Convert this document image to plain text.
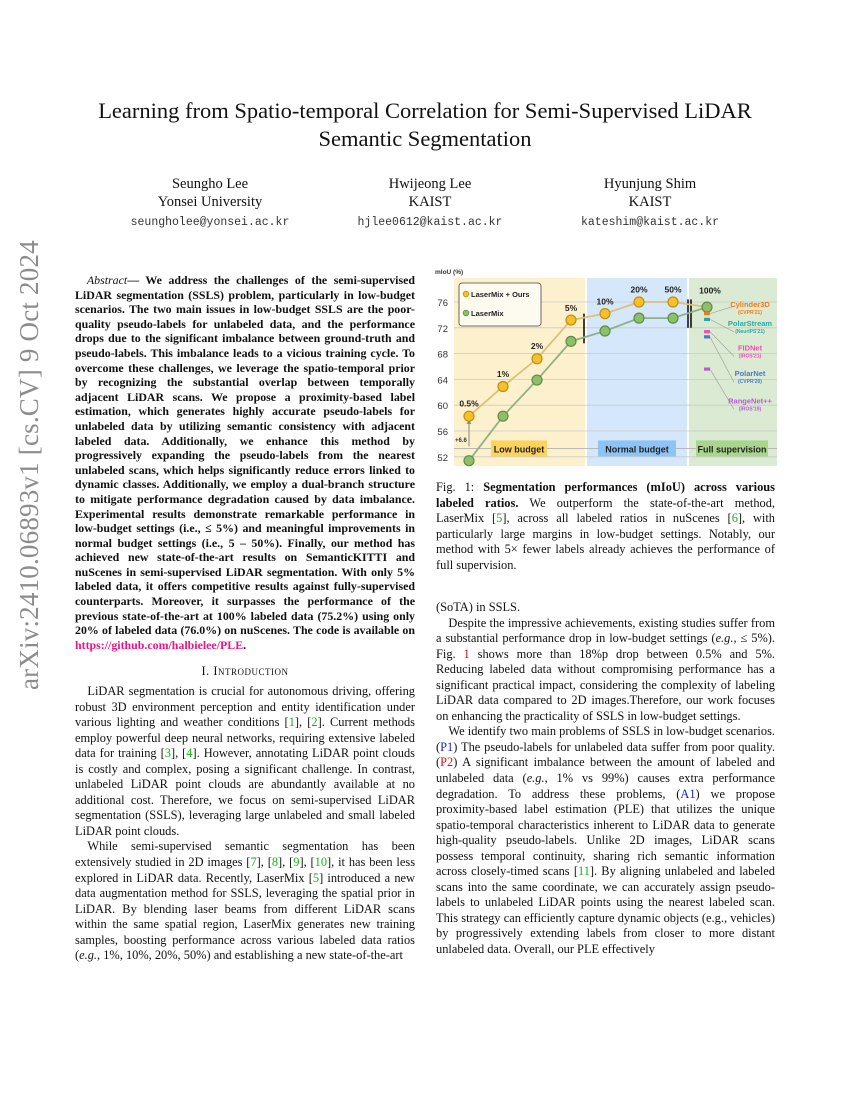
arXiv:2410.06893v1 [cs.CV] 9 Oct 2024
Learning from Spatio-temporal Correlation for Semi-Supervised LiDAR Semantic Segmentation
Seungho Lee
Yonsei University
seungholee@yonsei.ac.kr
Hwijeong Lee
KAIST
hjlee0612@kaist.ac.kr
Hyunjung Shim
KAIST
kateshim@kaist.ac.kr

Abstract— We address the challenges of the semi-supervised LiDAR segmentation (SSLS) problem, particularly in low-budget scenarios. The two main issues in low-budget SSLS are the poor-quality pseudo-labels for unlabeled data, and the performance drops due to the significant imbalance between ground-truth and pseudo-labels. This imbalance leads to a vicious training cycle. To overcome these challenges, we leverage the spatio-temporal prior by recognizing the substantial overlap between temporally adjacent LiDAR scans. We propose a proximity-based label estimation, which generates highly accurate pseudo-labels for unlabeled data by utilizing semantic consistency with adjacent labeled data. Additionally, we enhance this method by progressively expanding the pseudo-labels from the nearest unlabeled scans, which helps significantly reduce errors linked to dynamic classes. Additionally, we employ a dual-branch structure to mitigate performance degradation caused by data imbalance. Experimental results demonstrate remarkable performance in low-budget settings (i.e., ≤ 5%) and meaningful improvements in normal budget settings (i.e., 5 – 50%). Finally, our method has achieved new state-of-the-art results on SemanticKITTI and nuScenes in semi-supervised LiDAR segmentation. With only 5% labeled data, it offers competitive results against fully-supervised counterparts. Moreover, it surpasses the performance of the previous state-of-the-art at 100% labeled data (75.2%) using only 20% of labeled data (76.0%) on nuScenes. The code is available on https://github.com/halbielee/PLE.

I. Introduction

LiDAR segmentation is crucial for autonomous driving, offering robust 3D environment perception and entity identification under various lighting and weather conditions [1], [2]. Current methods employ powerful deep neural networks, requiring extensive labeled data for training [3], [4]. However, annotating LiDAR point clouds is costly and complex, posing a significant challenge. In contrast, unlabeled LiDAR point clouds are abundantly available at no additional cost. Therefore, we focus on semi-supervised LiDAR segmentation (SSLS), leveraging large unlabeled and small labeled LiDAR point clouds.

While semi-supervised semantic segmentation has been extensively studied in 2D images [7], [8], [9], [10], it has been less explored in LiDAR data. Recently, LaserMix [5] introduced a new data augmentation method for SSLS, leveraging the spatial prior in LiDAR. By blending laser beams from different LiDAR scans within the same spatial region, LaserMix generates new training samples, boosting performance across various labeled data ratios (e.g., 1%, 10%, 20%, 50%) and establishing a new state-of-the-art

52
56
60
64
68
72
76
mIoU (%)
Low budget	Normal budget	Full supervision
+6.6
0.5%
1%
2%
5%
10%
20% 50% 100%
Cylinder3D
(CVPR'21)
PolarStream
(NeurIPS'21)
FIDNet
(IROS'21)
PolarNet
(CVPR'20)
RangeNet++
(IROS'19)
LaserMix + Ours
LaserMix

Fig. 1: Segmentation performances (mIoU) across various labeled ratios. We outperform the state-of-the-art method, LaserMix [5], across all labeled ratios in nuScenes [6], with particularly large margins in low-budget settings. Notably, our method with 5× fewer labels already achieves the performance of full supervision.

(SoTA) in SSLS.

Despite the impressive achievements, existing studies suffer from a substantial performance drop in low-budget settings (e.g., ≤ 5%). Fig. 1 shows more than 18%p drop between 0.5% and 5%. Reducing labeled data without compromising performance has a significant practical impact, considering the complexity of labeling LiDAR data compared to 2D images.Therefore, our work focuses on enhancing the practicality of SSLS in low-budget settings.

We identify two main problems of SSLS in low-budget scenarios. (P1) The pseudo-labels for unlabeled data suffer from poor quality. (P2) A significant imbalance between the amount of labeled and unlabeled data (e.g., 1% vs 99%) causes extra performance degradation. To address these problems, (A1) we propose proximity-based label estimation (PLE) that utilizes the unique spatio-temporal characteristics inherent to LiDAR data to generate high-quality pseudo-labels. Unlike 2D images, LiDAR scans possess temporal continuity, sharing rich semantic information across closely-timed scans [11]. By aligning unlabeled and labeled scans into the same coordinate, we can accurately assign pseudo-labels to unlabeled LiDAR points using the nearest labeled scan. This strategy can efficiently capture dynamic objects (e.g., vehicles) by progressively extending labels from closer to more distant unlabeled data. Overall, our PLE effectively
